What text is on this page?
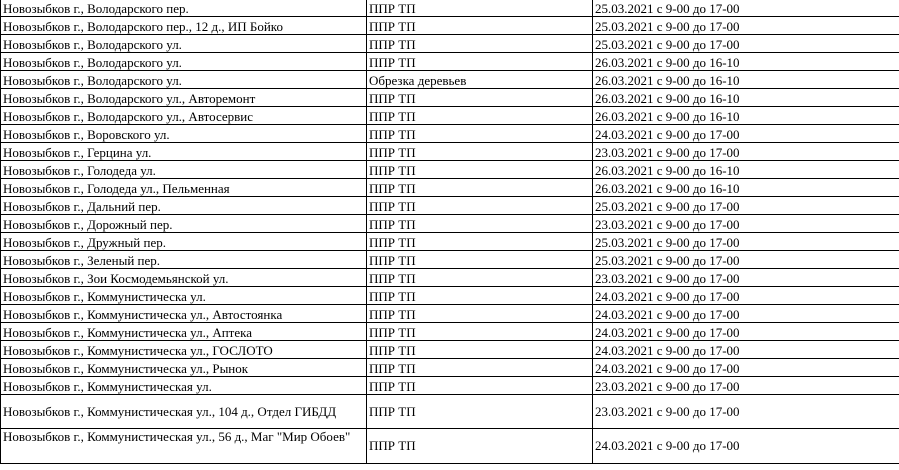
Новозыбков г., Володарского пер.	ППР ТП	25.03.2021 с 9-00 до 17-00
Новозыбков г., Володарского пер., 12 д., ИП Бойко	ППР ТП	25.03.2021 с 9-00 до 17-00
Новозыбков г., Володарского ул.	ППР ТП	25.03.2021 с 9-00 до 17-00
Новозыбков г., Володарского ул.	ППР ТП	26.03.2021 с 9-00 до 16-10
Новозыбков г., Володарского ул.	Обрезка деревьев	26.03.2021 с 9-00 до 16-10
Новозыбков г., Володарского ул., Авторемонт	ППР ТП	26.03.2021 с 9-00 до 16-10
Новозыбков г., Володарского ул., Автосервис	ППР ТП	26.03.2021 с 9-00 до 16-10
Новозыбков г., Воровского ул.	ППР ТП	24.03.2021 с 9-00 до 17-00
Новозыбков г., Герцина ул.	ППР ТП	23.03.2021 с 9-00 до 17-00
Новозыбков г., Голодеда ул.	ППР ТП	26.03.2021 с 9-00 до 16-10
Новозыбков г., Голодеда ул., Пельменная	ППР ТП	26.03.2021 с 9-00 до 16-10
Новозыбков г., Дальний пер.	ППР ТП	25.03.2021 с 9-00 до 17-00
Новозыбков г., Дорожный пер.	ППР ТП	23.03.2021 с 9-00 до 17-00
Новозыбков г., Дружный пер.	ППР ТП	25.03.2021 с 9-00 до 17-00
Новозыбков г., Зеленый пер.	ППР ТП	25.03.2021 с 9-00 до 17-00
Новозыбков г., Зои Космодемьянской ул.	ППР ТП	23.03.2021 с 9-00 до 17-00
Новозыбков г., Коммунистическа ул.	ППР ТП	24.03.2021 с 9-00 до 17-00
Новозыбков г., Коммунистическа ул., Автостоянка	ППР ТП	24.03.2021 с 9-00 до 17-00
Новозыбков г., Коммунистическа ул., Аптека	ППР ТП	24.03.2021 с 9-00 до 17-00
Новозыбков г., Коммунистическа ул., ГОСЛОТО	ППР ТП	24.03.2021 с 9-00 до 17-00
Новозыбков г., Коммунистическа ул., Рынок	ППР ТП	24.03.2021 с 9-00 до 17-00
Новозыбков г., Коммунистическая ул.	ППР ТП	23.03.2021 с 9-00 до 17-00
Новозыбков г., Коммунистическая ул., 104 д., Отдел ГИБДД	ППР ТП	23.03.2021 с 9-00 до 17-00
Новозыбков г., Коммунистическая ул., 56 д., Маг "Мир Обоев"	ППР ТП	24.03.2021 с 9-00 до 17-00
